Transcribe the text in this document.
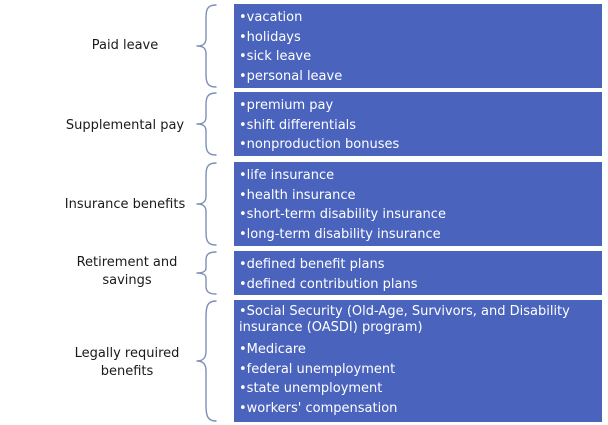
Paid leave
•vacation
•holidays
•sick leave
•personal leave
Supplemental pay
•premium pay
•shift differentials
•nonproduction bonuses
Insurance benefits
•life insurance
•health insurance
•short-term disability insurance
•long-term disability insurance
Retirement and savings
•defined benefit plans
•defined contribution plans
Legally required benefits
•Social Security (Old-Age, Survivors, and Disability insurance (OASDI) program)
•Medicare
•federal unemployment
•state unemployment
•workers' compensation
